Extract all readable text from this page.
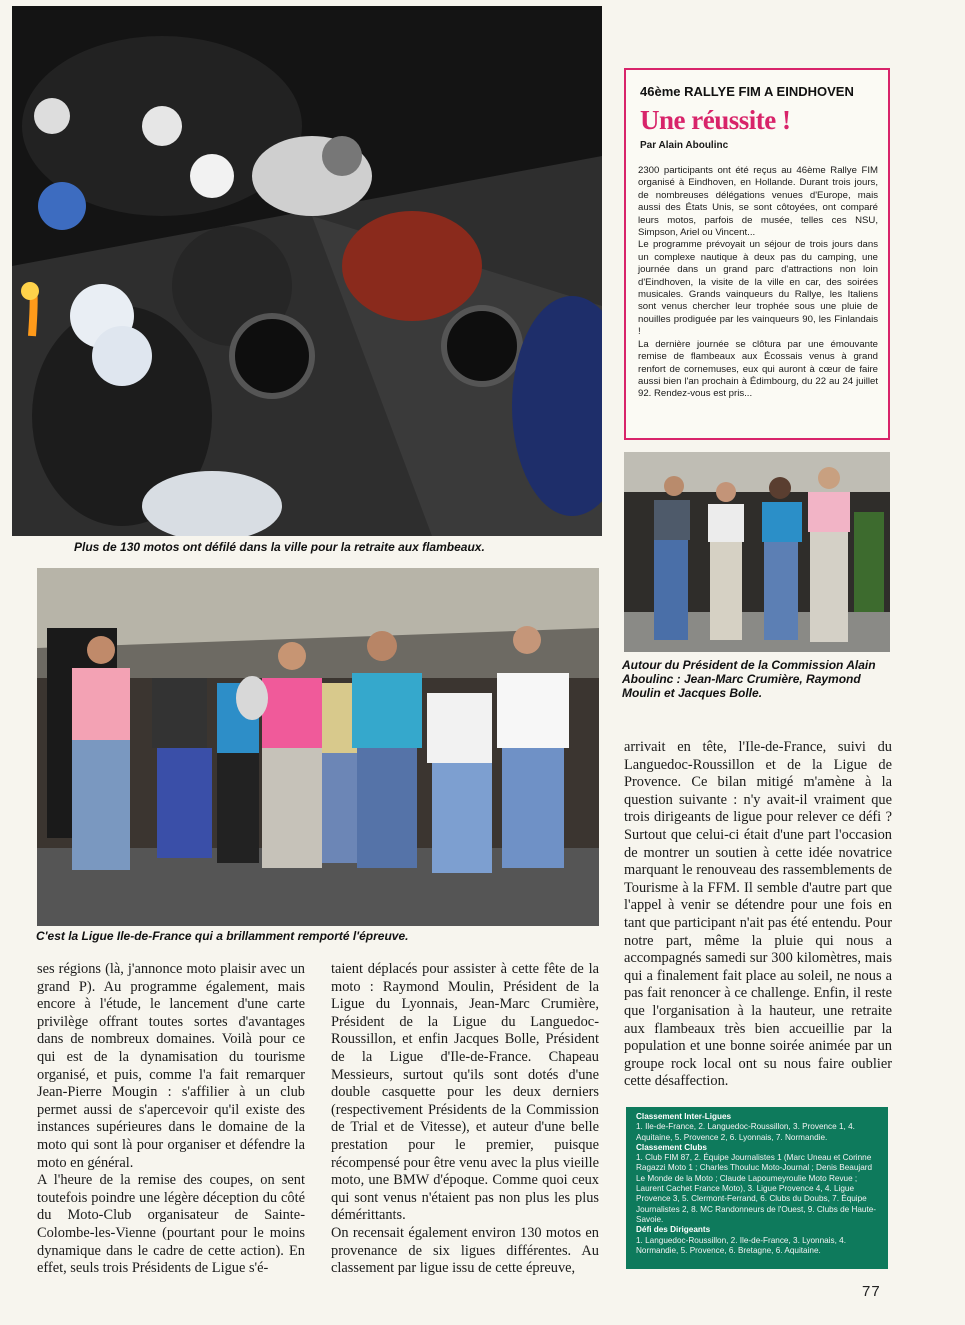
Plus de 130 motos ont défilé dans la ville pour la retraite aux flambeaux.
C'est la Ligue Ile-de-France qui a brillamment remporté l'épreuve.
Autour du Président de la Commission Alain Aboulinc : Jean-Marc Crumière, Raymond Moulin et Jacques Bolle.
46ème RALLYE FIM A EINDHOVEN
Une réussite !
Par Alain Aboulinc

2300 participants ont été reçus au 46ème Rallye FIM organisé à Eindhoven, en Hollande. Durant trois jours, de nombreuses délégations venues d'Europe, mais aussi des États Unis, se sont côtoyées, ont comparé leurs motos, parfois de musée, telles ces NSU, Simpson, Ariel ou Vincent...

Le programme prévoyait un séjour de trois jours dans un complexe nautique à deux pas du camping, une journée dans un grand parc d'attractions non loin d'Eindhoven, la visite de la ville en car, des soirées musicales. Grands vainqueurs du Rallye, les Italiens sont venus chercher leur trophée sous une pluie de nouilles prodiguée par les vainqueurs 90, les Finlandais !

La dernière journée se clôtura par une émouvante remise de flambeaux aux Écossais venus à grand renfort de cornemuses, eux qui auront à cœur de faire aussi bien l'an prochain à Édimbourg, du 22 au 24 juillet 92. Rendez-vous est pris...

ses régions (là, j'annonce moto plaisir avec un grand P). Au programme également, mais encore à l'étude, le lancement d'une carte privilège offrant toutes sortes d'avantages dans de nombreux domaines. Voilà pour ce qui est de la dynamisation du tourisme organisé, et puis, comme l'a fait remarquer Jean-Pierre Mougin : s'affilier à un club permet aussi de s'apercevoir qu'il existe des instances supérieures dans le domaine de la moto qui sont là pour organiser et défendre la moto en général.

A l'heure de la remise des coupes, on sent toutefois poindre une légère déception du côté du Moto-Club organisateur de Sainte-Colombe-les-Vienne (pourtant pour le moins dynamique dans le cadre de cette action). En effet, seuls trois Présidents de Ligue s'é-

taient déplacés pour assister à cette fête de la moto : Raymond Moulin, Président de la Ligue du Lyonnais, Jean-Marc Crumière, Président de la Ligue du Languedoc-Roussillon, et enfin Jacques Bolle, Président de la Ligue d'Ile-de-France. Chapeau Messieurs, surtout qu'ils sont dotés d'une double casquette pour les deux derniers (respectivement Présidents de la Commission de Trial et de Vitesse), et auteur d'une belle prestation pour le premier, puisque récompensé pour être venu avec la plus vieille moto, une BMW d'époque. Comme quoi ceux qui sont venus n'étaient pas non plus les plus démérittants.

On recensait également environ 130 motos en provenance de six ligues différentes. Au classement par ligue issu de cette épreuve,

arrivait en tête, l'Ile-de-France, suivi du Languedoc-Roussillon et de la Ligue de Provence. Ce bilan mitigé m'amène à la question suivante : n'y avait-il vraiment que trois dirigeants de ligue pour relever ce défi ? Surtout que celui-ci était d'une part l'occasion de montrer un soutien à cette idée novatrice marquant le renouveau des rassemblements de Tourisme à la FFM. Il semble d'autre part que l'appel à venir se détendre pour une fois en tant que participant n'ait pas été entendu. Pour notre part, même la pluie qui nous a accompagnés samedi sur 300 kilomètres, mais qui a finalement fait place au soleil, ne nous a pas fait renoncer à ce challenge. Enfin, il reste que l'organisation à la hauteur, une retraite aux flambeaux très bien accueillie par la population et une bonne soirée animée par un groupe rock local ont su nous faire oublier cette désaffection.

Classement Inter-Ligues

1. Ile-de-France, 2. Languedoc-Roussillon, 3. Provence 1, 4. Aquitaine, 5. Provence 2, 6. Lyonnais, 7. Normandie.

Classement Clubs

1. Club FIM 87, 2. Équipe Journalistes 1 (Marc Uneau et Corinne Ragazzi Moto 1 ; Charles Thouluc Moto-Journal ; Denis Beaujard Le Monde de la Moto ; Claude Lapoumeyroulie Moto Revue ; Laurent Cachet France Moto), 3. Ligue Provence 4, 4. Ligue Provence 3, 5. Clermont-Ferrand, 6. Clubs du Doubs, 7. Équipe Journalistes 2, 8. MC Randonneurs de l'Ouest, 9. Clubs de Haute-Savoie.

Défi des Dirigeants

1. Languedoc-Roussillon, 2. Ile-de-France, 3. Lyonnais, 4. Normandie, 5. Provence, 6. Bretagne, 6. Aquitaine.

77
